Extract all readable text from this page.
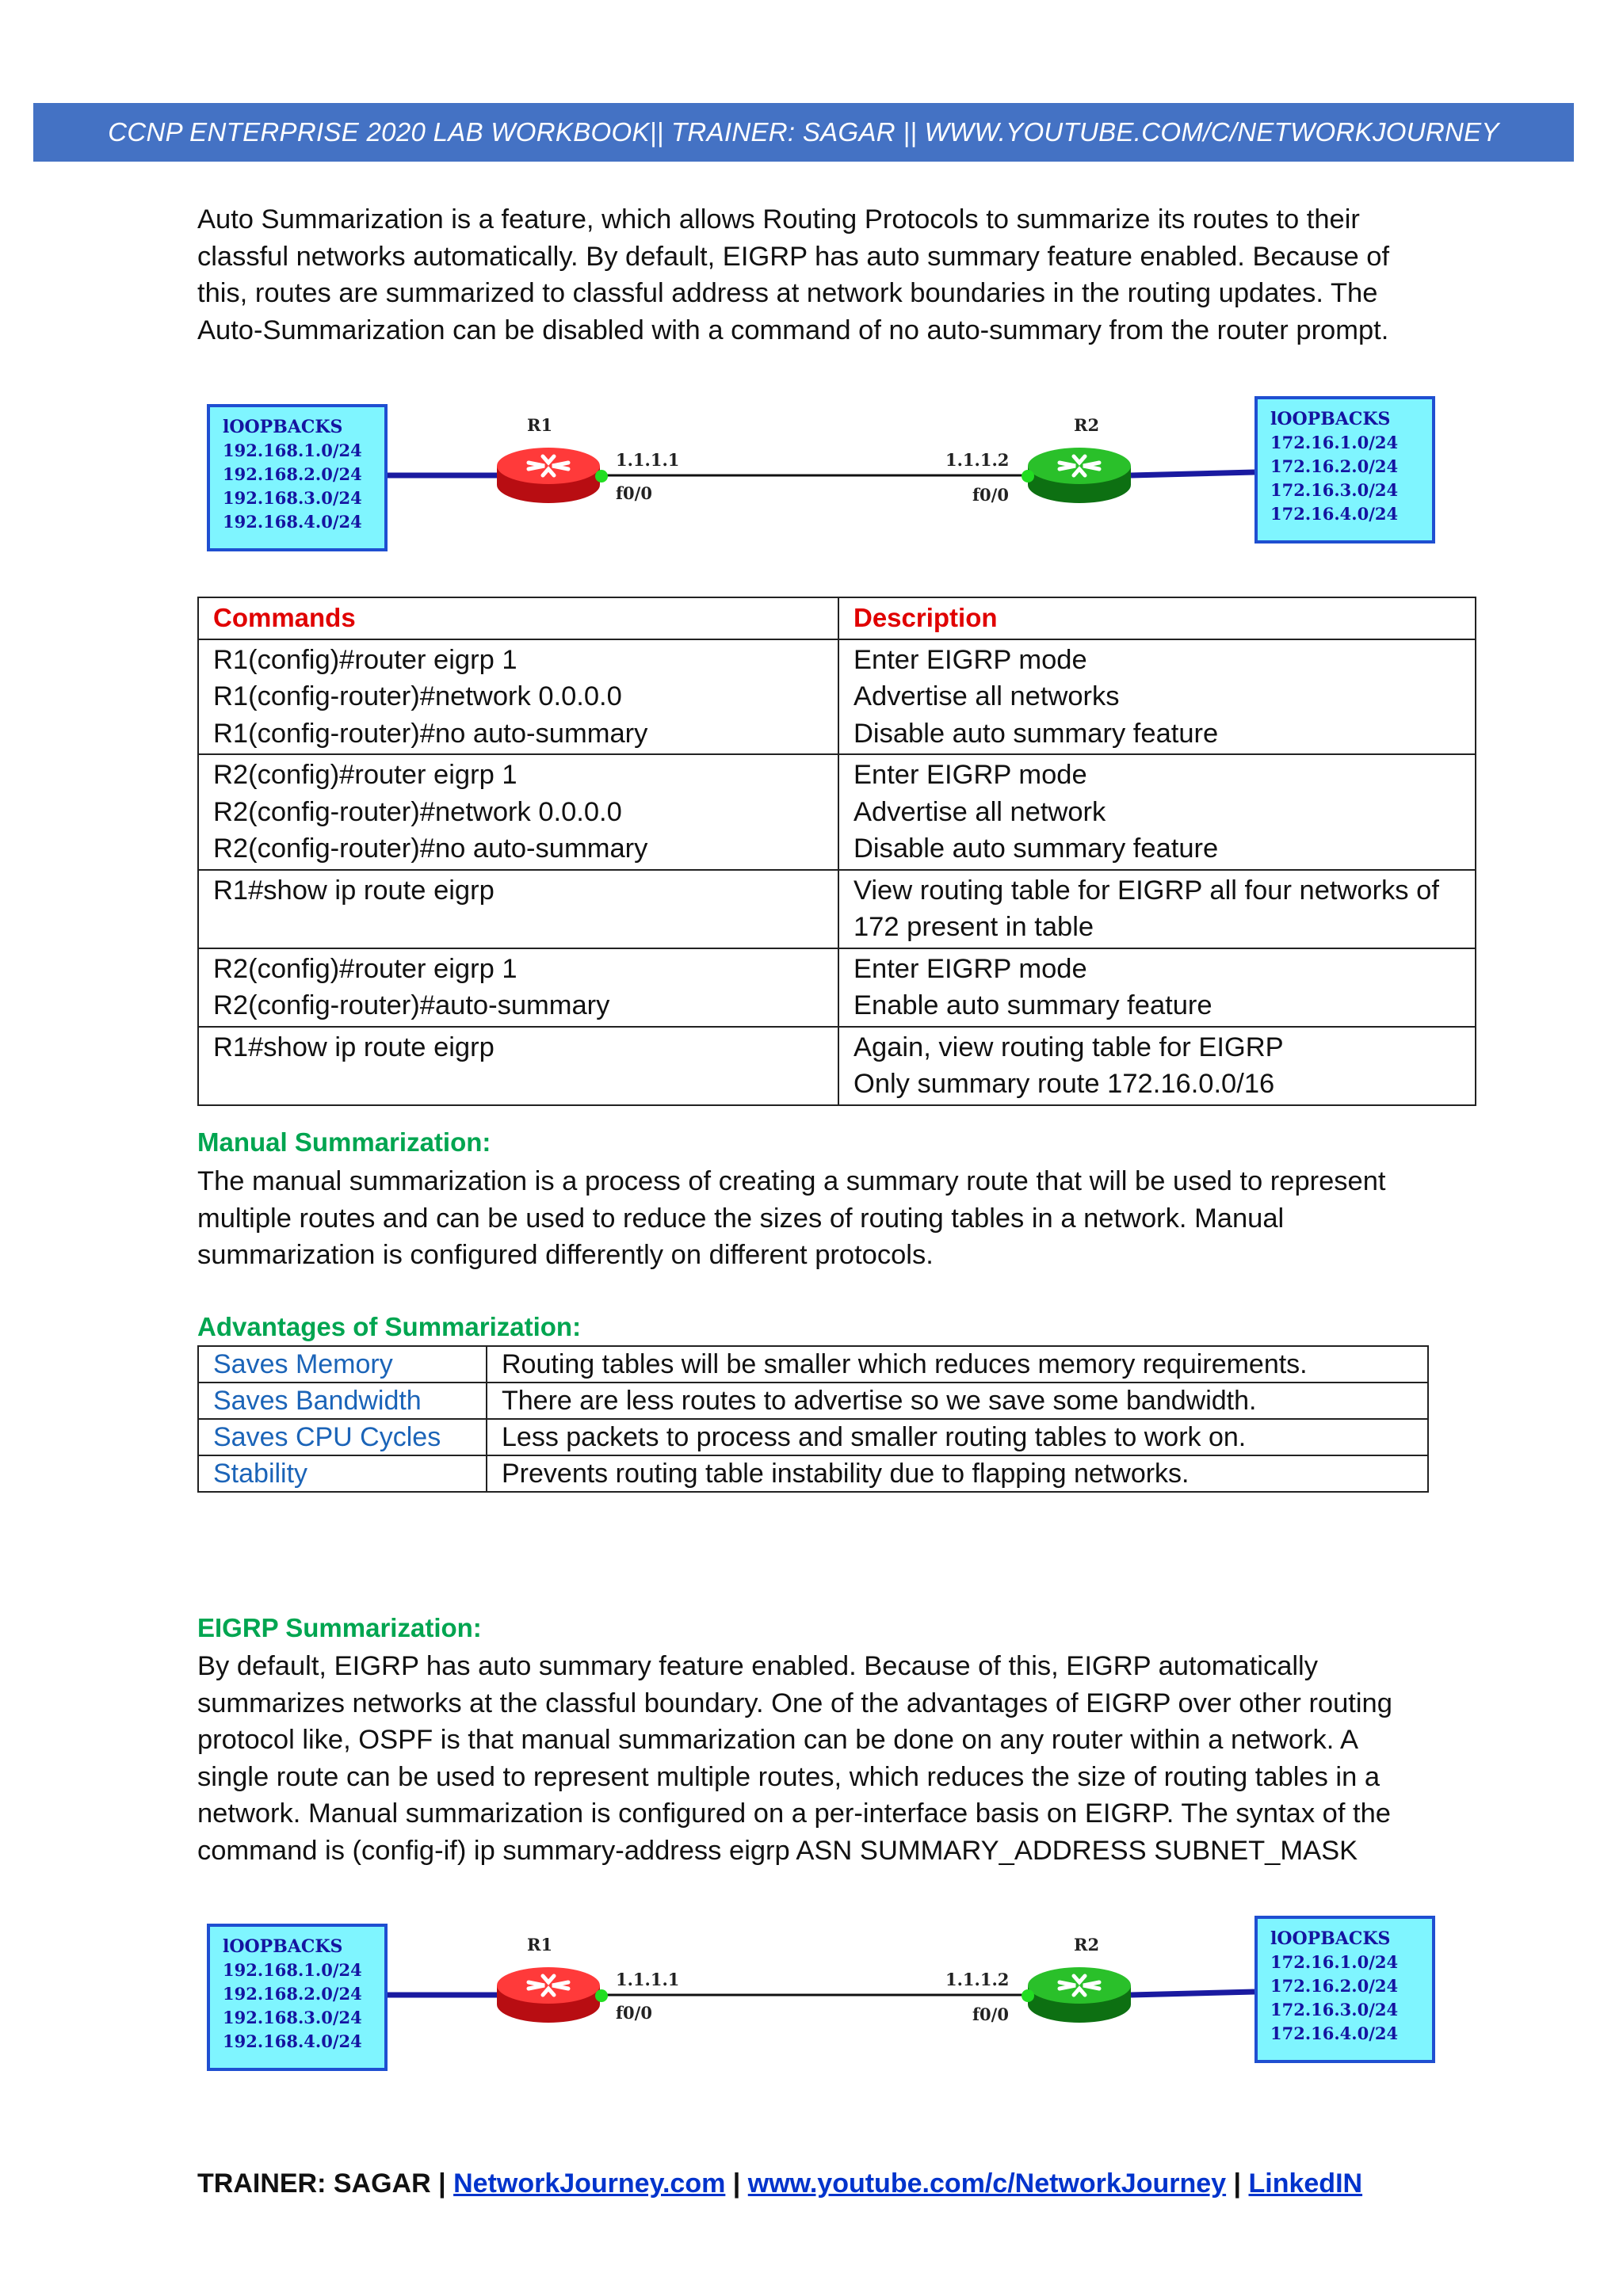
CCNP ENTERPRISE 2020 LAB WORKBOOK|| TRAINER: SAGAR || WWW.YOUTUBE.COM/C/NETWORKJOURNEY
Auto Summarization is a feature, which allows Routing Protocols to summarize its routes to their
classful networks automatically. By default, EIGRP has auto summary feature enabled. Because of
this, routes are summarized to classful address at network boundaries in the routing updates. The
Auto-Summarization can be disabled with a command of no auto-summary from the router prompt.
lOOPBACKS
192.168.1.0/24
192.168.2.0/24
192.168.3.0/24
192.168.4.0/24
lOOPBACKS
172.16.1.0/24
172.16.2.0/24
172.16.3.0/24
172.16.4.0/24
R1	R2
1.1.1.1
f0/0
1.1.1.2
f0/0
Commands	Description

R1(config)#router eigrp 1
R1(config-router)#network 0.0.0.0
R1(config-router)#no auto-summary	Enter EIGRP mode
Advertise all networks
Disable auto summary feature

R2(config)#router eigrp 1
R2(config-router)#network 0.0.0.0
R2(config-router)#no auto-summary	Enter EIGRP mode
Advertise all network
Disable auto summary feature

R1#show ip route eigrp	View routing table for EIGRP all four networks of
172 present in table

R2(config)#router eigrp 1
R2(config-router)#auto-summary	Enter EIGRP mode
Enable auto summary feature

R1#show ip route eigrp	Again, view routing table for EIGRP
Only summary route 172.16.0.0/16
Manual Summarization:
The manual summarization is a process of creating a summary route that will be used to represent
multiple routes and can be used to reduce the sizes of routing tables in a network. Manual
summarization is configured differently on different protocols.
Advantages of Summarization:
Saves Memory	Routing tables will be smaller which reduces memory requirements.
Saves Bandwidth	There are less routes to advertise so we save some bandwidth.
Saves CPU Cycles	Less packets to process and smaller routing tables to work on.
Stability	Prevents routing table instability due to flapping networks.
EIGRP Summarization:
By default, EIGRP has auto summary feature enabled. Because of this, EIGRP automatically
summarizes networks at the classful boundary. One of the advantages of EIGRP over other routing
protocol like, OSPF is that manual summarization can be done on any router within a network. A
single route can be used to represent multiple routes, which reduces the size of routing tables in a
network. Manual summarization is configured on a per-interface basis on EIGRP. The syntax of the
command is (config-if) ip summary-address eigrp ASN SUMMARY_ADDRESS SUBNET_MASK
lOOPBACKS
192.168.1.0/24
192.168.2.0/24
192.168.3.0/24
192.168.4.0/24
lOOPBACKS
172.16.1.0/24
172.16.2.0/24
172.16.3.0/24
172.16.4.0/24
R1	R2
1.1.1.1
f0/0
1.1.1.2
f0/0
TRAINER: SAGAR | NetworkJourney.com | www.youtube.com/c/NetworkJourney | LinkedIN
